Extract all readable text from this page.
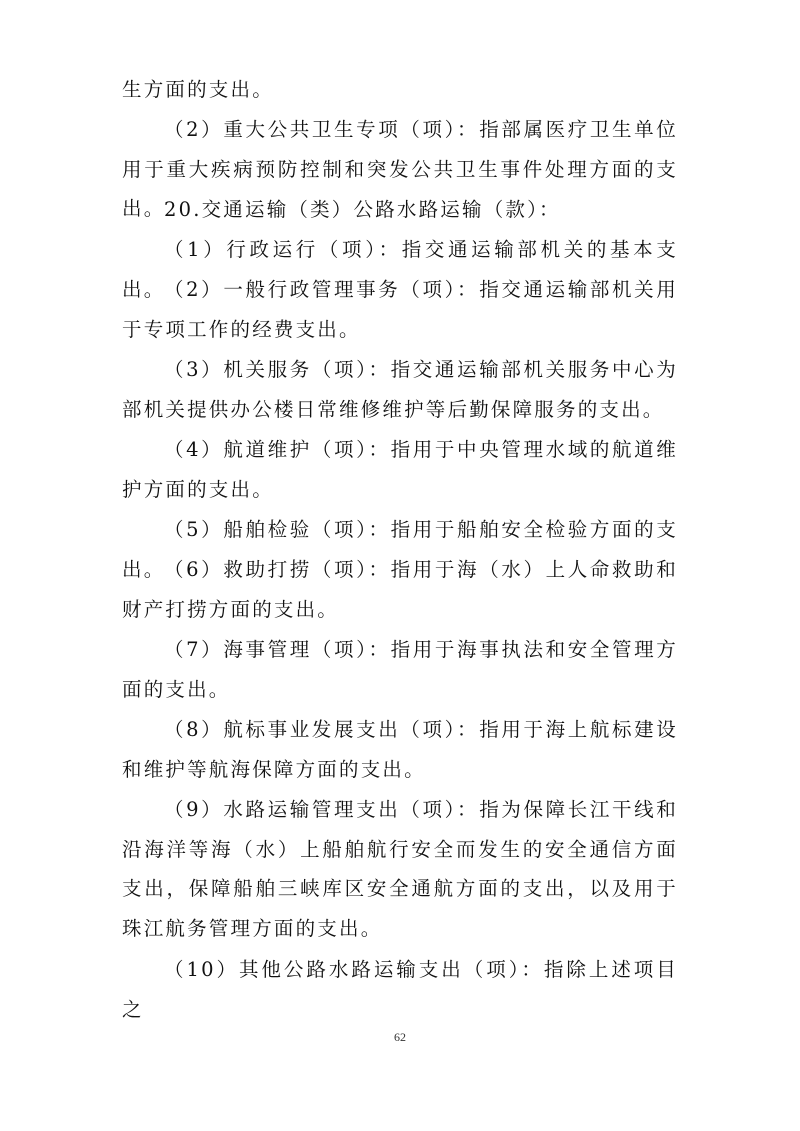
生方面的支出。

（2）重大公共卫生专项（项）：指部属医疗卫生单位用于重大疾病预防控制和突发公共卫生事件处理方面的支出。

20.交通运输（类）公路水路运输（款）：

（1）行政运行（项）：指交通运输部机关的基本支出。

（2）一般行政管理事务（项）：指交通运输部机关用于专项工作的经费支出。

（3）机关服务（项）：指交通运输部机关服务中心为部机关提供办公楼日常维修维护等后勤保障服务的支出。

（4）航道维护（项）：指用于中央管理水域的航道维护方面的支出。

（5）船舶检验（项）：指用于船舶安全检验方面的支出。

（6）救助打捞（项）：指用于海（水）上人命救助和财产打捞方面的支出。

（7）海事管理（项）：指用于海事执法和安全管理方面的支出。

（8）航标事业发展支出（项）：指用于海上航标建设和维护等航海保障方面的支出。

（9）水路运输管理支出（项）：指为保障长江干线和沿海洋等海（水）上船舶航行安全而发生的安全通信方面支出，保障船舶三峡库区安全通航方面的支出，以及用于珠江航务管理方面的支出。

（10）其他公路水路运输支出（项）：指除上述项目之

62
